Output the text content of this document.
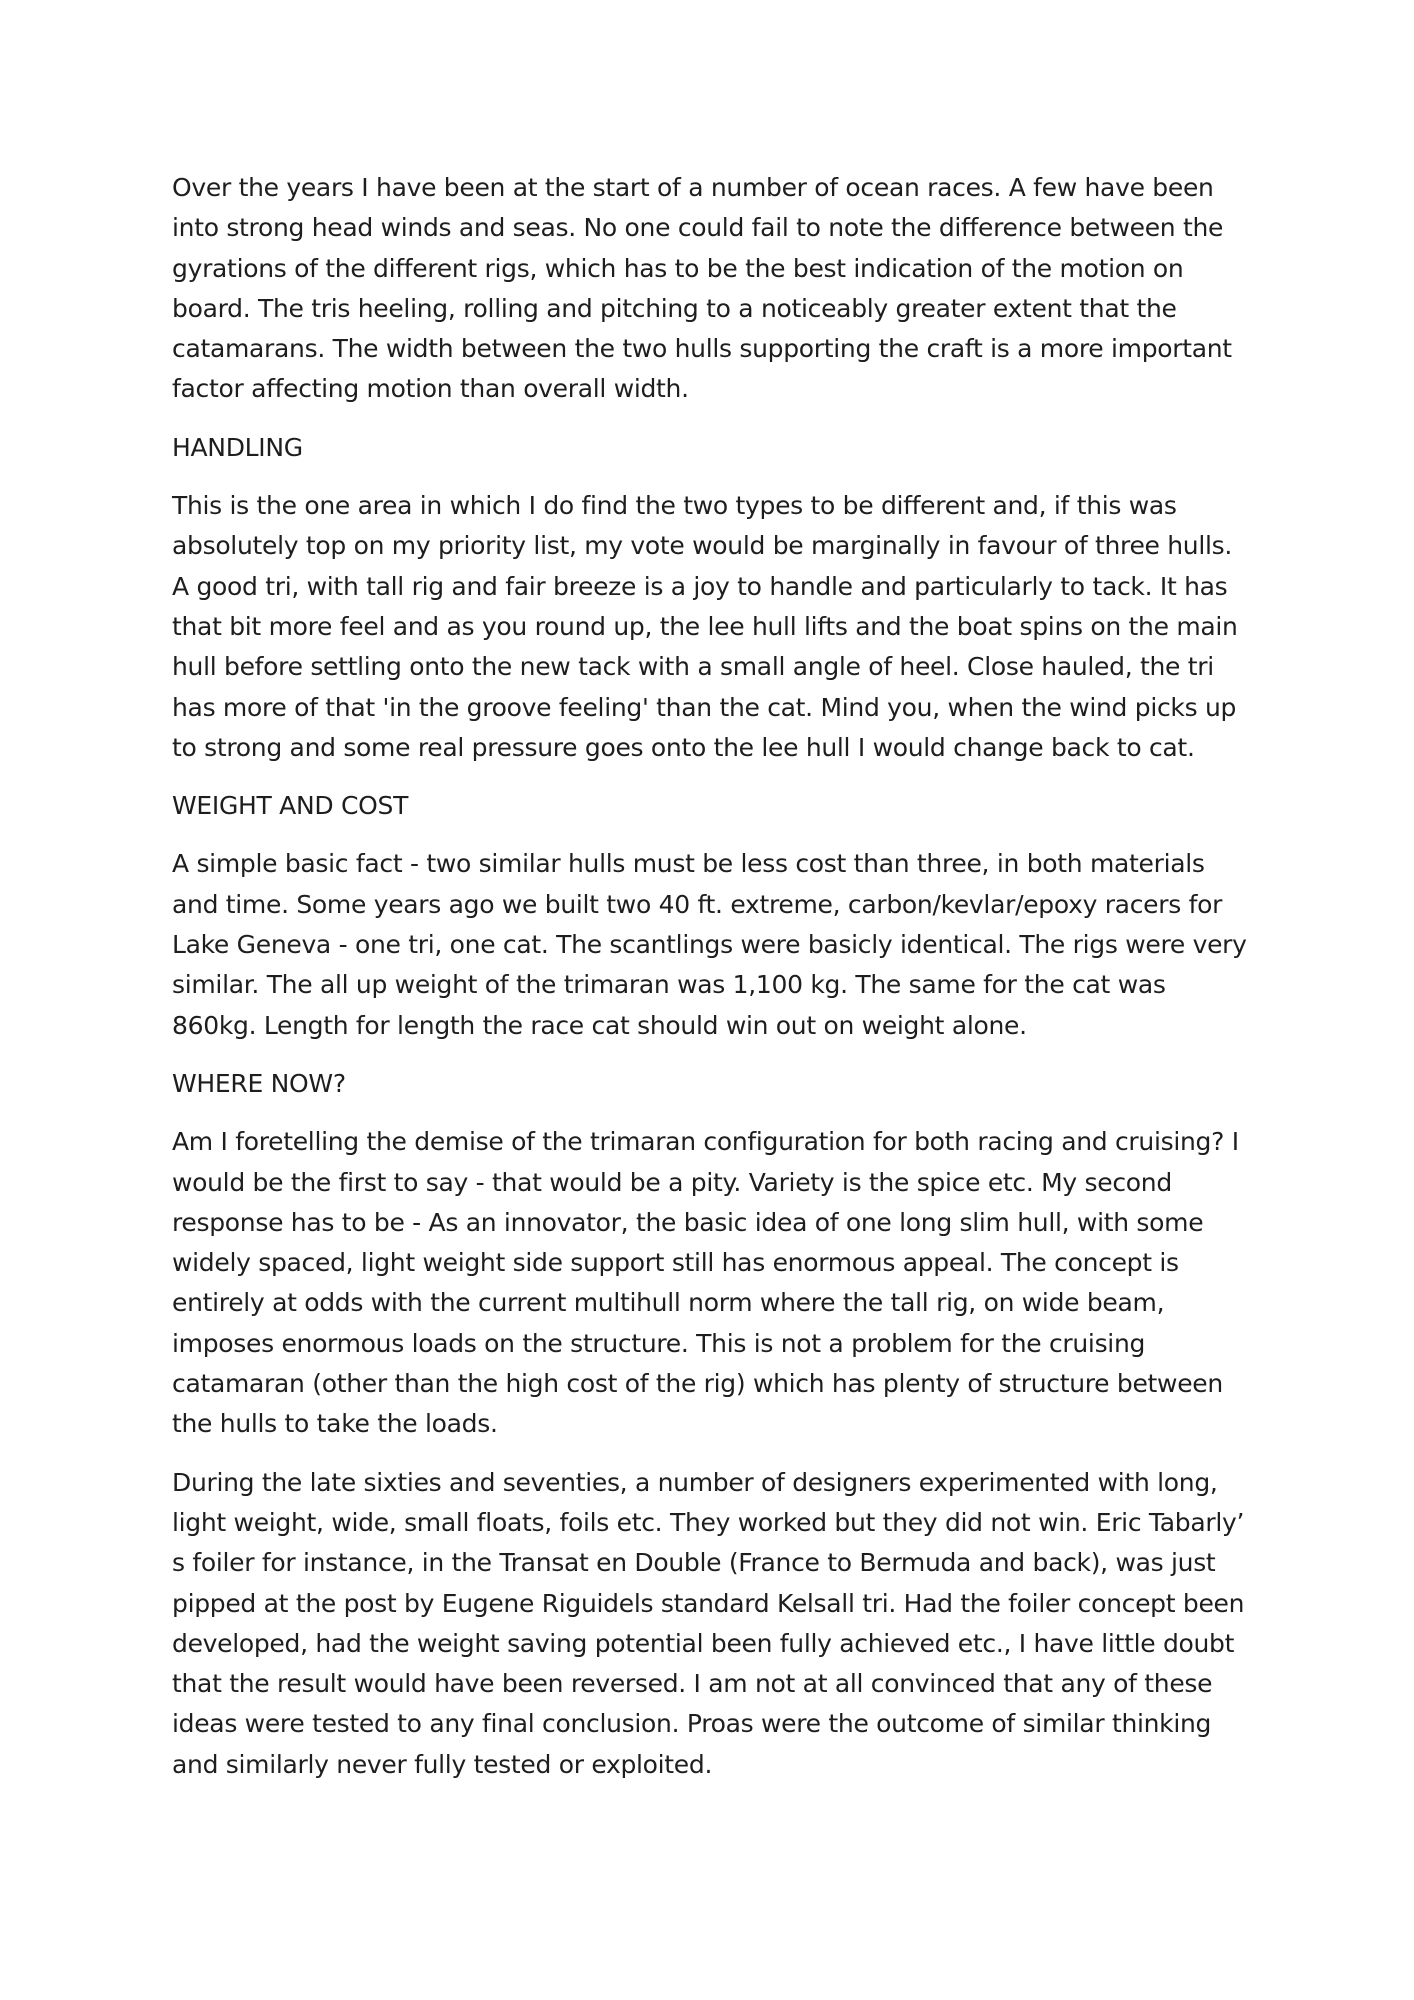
Over the years I have been at the start of a number of ocean races. A few have been into strong head winds and seas. No one could fail to note the difference between the gyrations of the different rigs, which has to be the best indication of the motion on board. The tris heeling, rolling and pitching to a noticeably greater extent that the catamarans. The width between the two hulls supporting the craft is a more important factor affecting motion than overall width.

HANDLING

This is the one area in which I do find the two types to be different and, if this was absolutely top on my priority list, my vote would be marginally in favour of three hulls. A good tri, with tall rig and fair breeze is a joy to handle and particularly to tack. It has that bit more feel and as you round up, the lee hull lifts and the boat spins on the main hull before settling onto the new tack with a small angle of heel. Close hauled, the tri has more of that 'in the groove feeling' than the cat. Mind you, when the wind picks up to strong and some real pressure goes onto the lee hull I would change back to cat.

WEIGHT AND COST

A simple basic fact - two similar hulls must be less cost than three, in both materials and time. Some years ago we built two 40 ft. extreme, carbon/kevlar/epoxy racers for Lake Geneva - one tri, one cat. The scantlings were basicly identical. The rigs were very similar. The all up weight of the trimaran was 1,100 kg. The same for the cat was 860kg. Length for length the race cat should win out on weight alone.

WHERE NOW?

Am I foretelling the demise of the trimaran configuration for both racing and cruising? I would be the first to say - that would be a pity. Variety is the spice etc. My second response has to be - As an innovator, the basic idea of one long slim hull, with some widely spaced, light weight side support still has enormous appeal. The concept is entirely at odds with the current multihull norm where the tall rig, on wide beam, imposes enormous loads on the structure. This is not a problem for the cruising catamaran (other than the high cost of the rig) which has plenty of structure between the hulls to take the loads.

During the late sixties and seventies, a number of designers experimented with long, light weight, wide, small floats, foils etc. They worked but they did not win. Eric Tabarly’ s foiler for instance, in the Transat en Double (France to Bermuda and back), was just pipped at the post by Eugene Riguidels standard Kelsall tri. Had the foiler concept been developed, had the weight saving potential been fully achieved etc., I have little doubt that the result would have been reversed. I am not at all convinced that any of these ideas were tested to any final conclusion. Proas were the outcome of similar thinking and similarly never fully tested or exploited.
